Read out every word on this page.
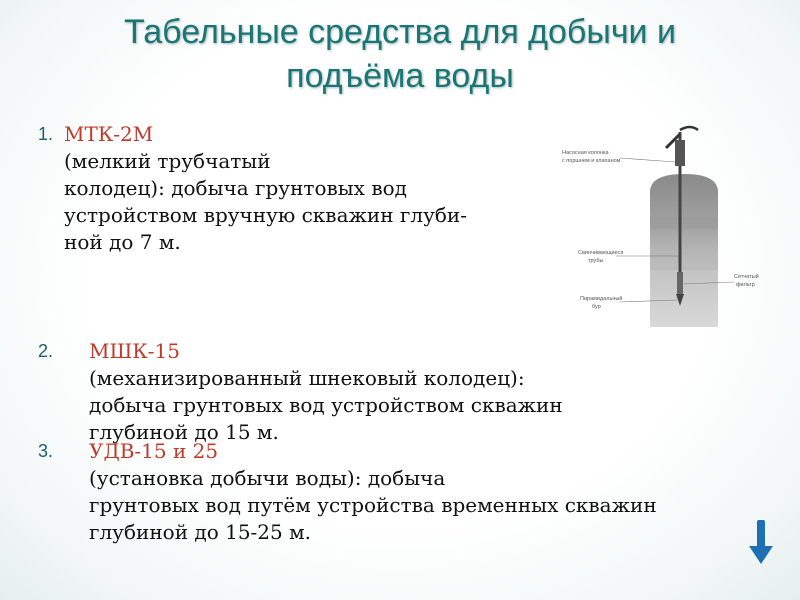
Табельные средства для добычи и
подъёма воды
1. МТК-2М
(мелкий трубчатый
колодец): добыча грунтовых вод
устройством вручную скважин глуби-
ной до 7 м.
Насосная колонка
с поршнем и клапаном
Свинчивающиеся
трубы
Сетчатый
фильтр
Пирамидальный
бур
2. МШК-15
(механизированный шнековый колодец):
добыча грунтовых вод устройством скважин
глубиной до 15 м.
3. УДВ-15 и 25
(установка добычи воды): добыча
грунтовых вод путём устройства временных скважин
глубиной до 15-25 м.
